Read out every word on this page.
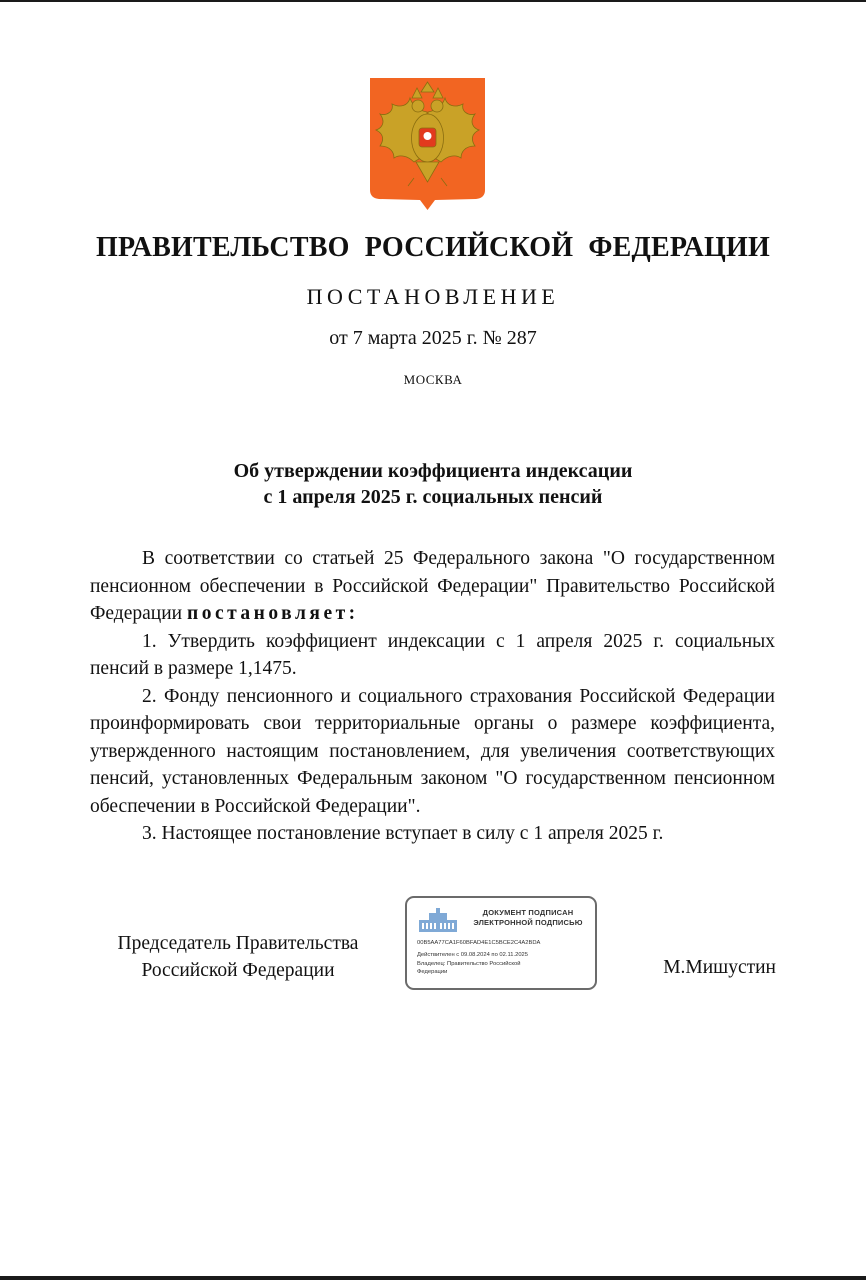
ПРАВИТЕЛЬСТВО РОССИЙСКОЙ ФЕДЕРАЦИИ
ПОСТАНОВЛЕНИЕ
от 7 марта 2025 г. № 287
МОСКВА
Об утверждении коэффициента индексации
с 1 апреля 2025 г. социальных пенсий

В соответствии со статьей 25 Федерального закона "О государственном пенсионном обеспечении в Российской Федерации" Правительство Российской Федерации постановляет:

1. Утвердить коэффициент индексации с 1 апреля 2025 г. социальных пенсий в размере 1,1475.

2. Фонду пенсионного и социального страхования Российской Федерации проинформировать свои территориальные органы о размере коэффициента, утвержденного настоящим постановлением, для увеличения соответствующих пенсий, установленных Федеральным законом "О государственном пенсионном обеспечении в Российской Федерации".

3. Настоящее постановление вступает в силу с 1 апреля 2025 г.

Председатель Правительства
Российской Федерации
ДОКУМЕНТ ПОДПИСАН
ЭЛЕКТРОННОЙ ПОДПИСЬЮ
00B5AA77CA1F60BFAD4E1C5BCE2C4A2BDA
Действителен с 09.08.2024 по 02.11.2025
Владелец: Правительство Российской
Федерации	М.Мишустин
